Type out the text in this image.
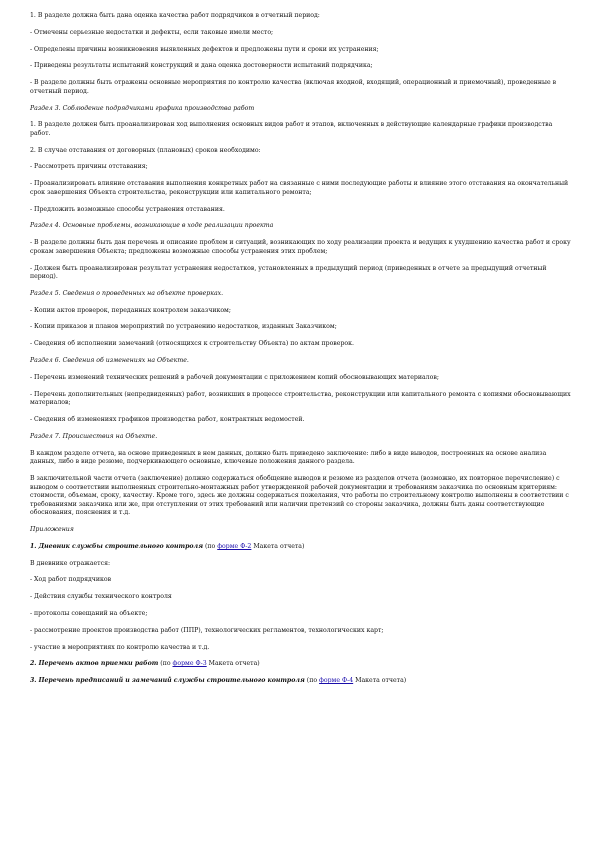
1. В разделе должна быть дана оценка качества работ подрядчиков в отчетный период:

- Отмечены серьезные недостатки и дефекты, если таковые имели место;

- Определены причины возникновения выявленных дефектов и предложены пути и сроки их устранения;

- Приведены результаты испытаний конструкций и дана оценка достоверности испытаний подрядчика;

- В разделе должны быть отражены основные мероприятия по контролю качества (включая входной, входящий, операционный и приемочный), проведенные в отчетный период.

Раздел 3. Соблюдение подрядчиками графика производства работ

1. В разделе должен быть проанализирован ход выполнения основных видов работ и этапов, включенных в действующие календарные графики производства работ.

2. В случае отставания от договорных (плановых) сроков необходимо:

- Рассмотреть причины отставания;

- Проанализировать влияние отставания выполнения конкретных работ на связанные с ними последующие работы и влияние этого отставания на окончательный срок завершения Объекта строительства, реконструкции или капитального ремонта;

- Предложить возможные способы устранения отставания.

Раздел 4. Основные проблемы, возникающие в ходе реализации проекта

- В разделе должны быть дан перечень и описание проблем и ситуаций, возникающих по ходу реализации проекта и ведущих к ухудшению качества работ и сроку срокам завершения Объекта; предложены возможные способы устранения этих проблем;

- Должен быть проанализирован результат устранения недостатков, установленных в предыдущий период (приведенных в отчете за предыдущий отчетный период).

Раздел 5. Сведения о проведенных на объекте проверках.

- Копии актов проверок, переданных контролем заказчиком;

- Копии приказов и планов мероприятий по устранению недостатков, изданных Заказчиком;

- Сведения об исполнении замечаний (относящихся к строительству Объекта) по актам проверок.

Раздел 6. Сведения об изменениях на Объекте.

- Перечень изменений технических решений в рабочей документации с приложением копий обосновывающих материалов;

- Перечень дополнительных (непредвиденных) работ, возникших в процессе строительства, реконструкции или капитального ремонта с копиями обосновывающих материалов;

- Сведения об изменениях графиков производства работ, контрактных ведомостей.

Раздел 7. Происшествия на Объекте.

В каждом разделе отчета, на основе приведенных в нем данных, должно быть приведено заключение: либо в виде выводов, построенных на основе анализа данных, либо в виде резюме, подчеркивающего основные, ключевые положения данного раздела.

В заключительной части отчета (заключение) должно содержаться обобщение выводов и резюме из разделов отчета (возможно, их повторное перечисление) с выводом о соответствии выполненных строительно-монтажных работ утвержденной рабочей документации и требованиям заказчика по основным критериям: стоимости, объемам, сроку, качеству. Кроме того, здесь же должны содержаться пожелания, что работы по строительному контролю выполнены в соответствии с требованиями заказчика или же, при отступлении от этих требований или наличии претензий со стороны заказчика, должны быть даны соответствующие обоснования, пояснения и т.д.

Приложения

1. Дневник службы строительного контроля (по форме Ф-2 Макета отчета)

В дневнике отражается:

- Ход работ подрядчиков

- Действия службы технического контроля

- протоколы совещаний на объекте;

- рассмотрение проектов производства работ (ППР), технологических регламентов, технологических карт;

- участие в мероприятиях по контролю качества и т.д.

2. Перечень актов приемки работ (по форме Ф-3 Макета отчета)

3. Перечень предписаний и замечаний службы строительного контроля (по форме Ф-4 Макета отчета)
